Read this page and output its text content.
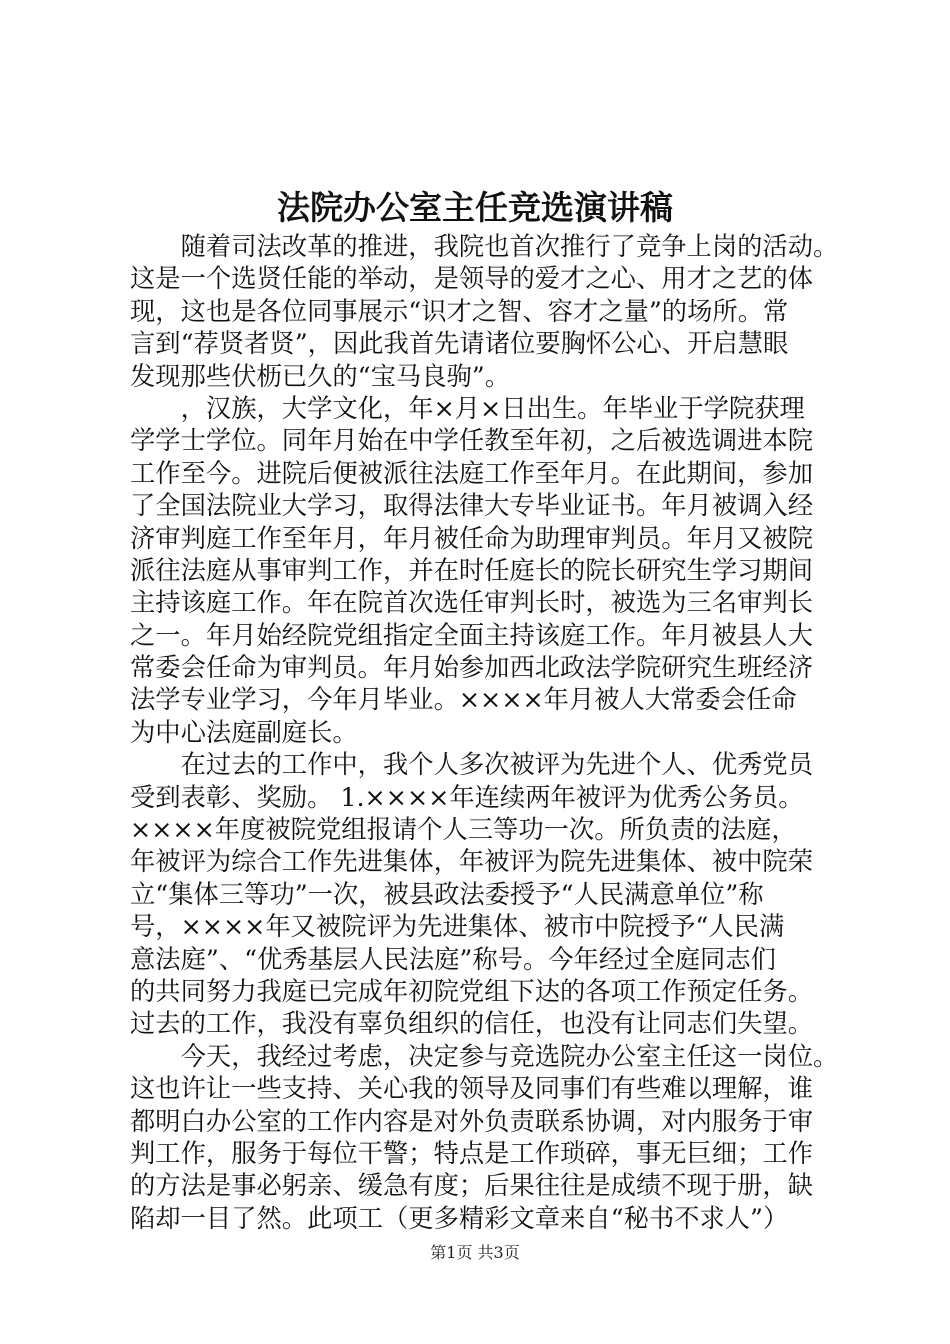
法院办公室主任竞选演讲稿
　　随着司法改革的推进，我院也首次推行了竞争上岗的活动。
这是一个选贤任能的举动，是领导的爱才之心、用才之艺的体
现，这也是各位同事展示“识才之智、容才之量”的场所。常
言到“荐贤者贤”，因此我首先请诸位要胸怀公心、开启慧眼
发现那些伏枥已久的“宝马良驹”。
　　，汉族，大学文化，年×月×日出生。年毕业于学院获理
学学士学位。同年月始在中学任教至年初，之后被选调进本院
工作至今。进院后便被派往法庭工作至年月。在此期间，参加
了全国法院业大学习，取得法律大专毕业证书。年月被调入经
济审判庭工作至年月，年月被任命为助理审判员。年月又被院
派往法庭从事审判工作，并在时任庭长的院长研究生学习期间
主持该庭工作。年在院首次选任审判长时，被选为三名审判长
之一。年月始经院党组指定全面主持该庭工作。年月被县人大
常委会任命为审判员。年月始参加西北政法学院研究生班经济
法学专业学习，今年月毕业。××××年月被人大常委会任命
为中心法庭副庭长。
　　在过去的工作中，我个人多次被评为先进个人、优秀党员
受到表彰、奖励。 1.××××年连续两年被评为优秀公务员。
××××年度被院党组报请个人三等功一次。所负责的法庭，
年被评为综合工作先进集体，年被评为院先进集体、被中院荣
立“集体三等功”一次，被县政法委授予“人民满意单位”称
号，××××年又被院评为先进集体、被市中院授予“人民满
意法庭”、“优秀基层人民法庭”称号。今年经过全庭同志们
的共同努力我庭已完成年初院党组下达的各项工作预定任务。
过去的工作，我没有辜负组织的信任，也没有让同志们失望。
　　今天，我经过考虑，决定参与竞选院办公室主任这一岗位。
这也许让一些支持、关心我的领导及同事们有些难以理解，谁
都明白办公室的工作内容是对外负责联系协调，对内服务于审
判工作，服务于每位干警；特点是工作琐碎，事无巨细；工作
的方法是事必躬亲、缓急有度；后果往往是成绩不现于册，缺
陷却一目了然。此项工（更多精彩文章来自“秘书不求人”）
第1页 共3页
